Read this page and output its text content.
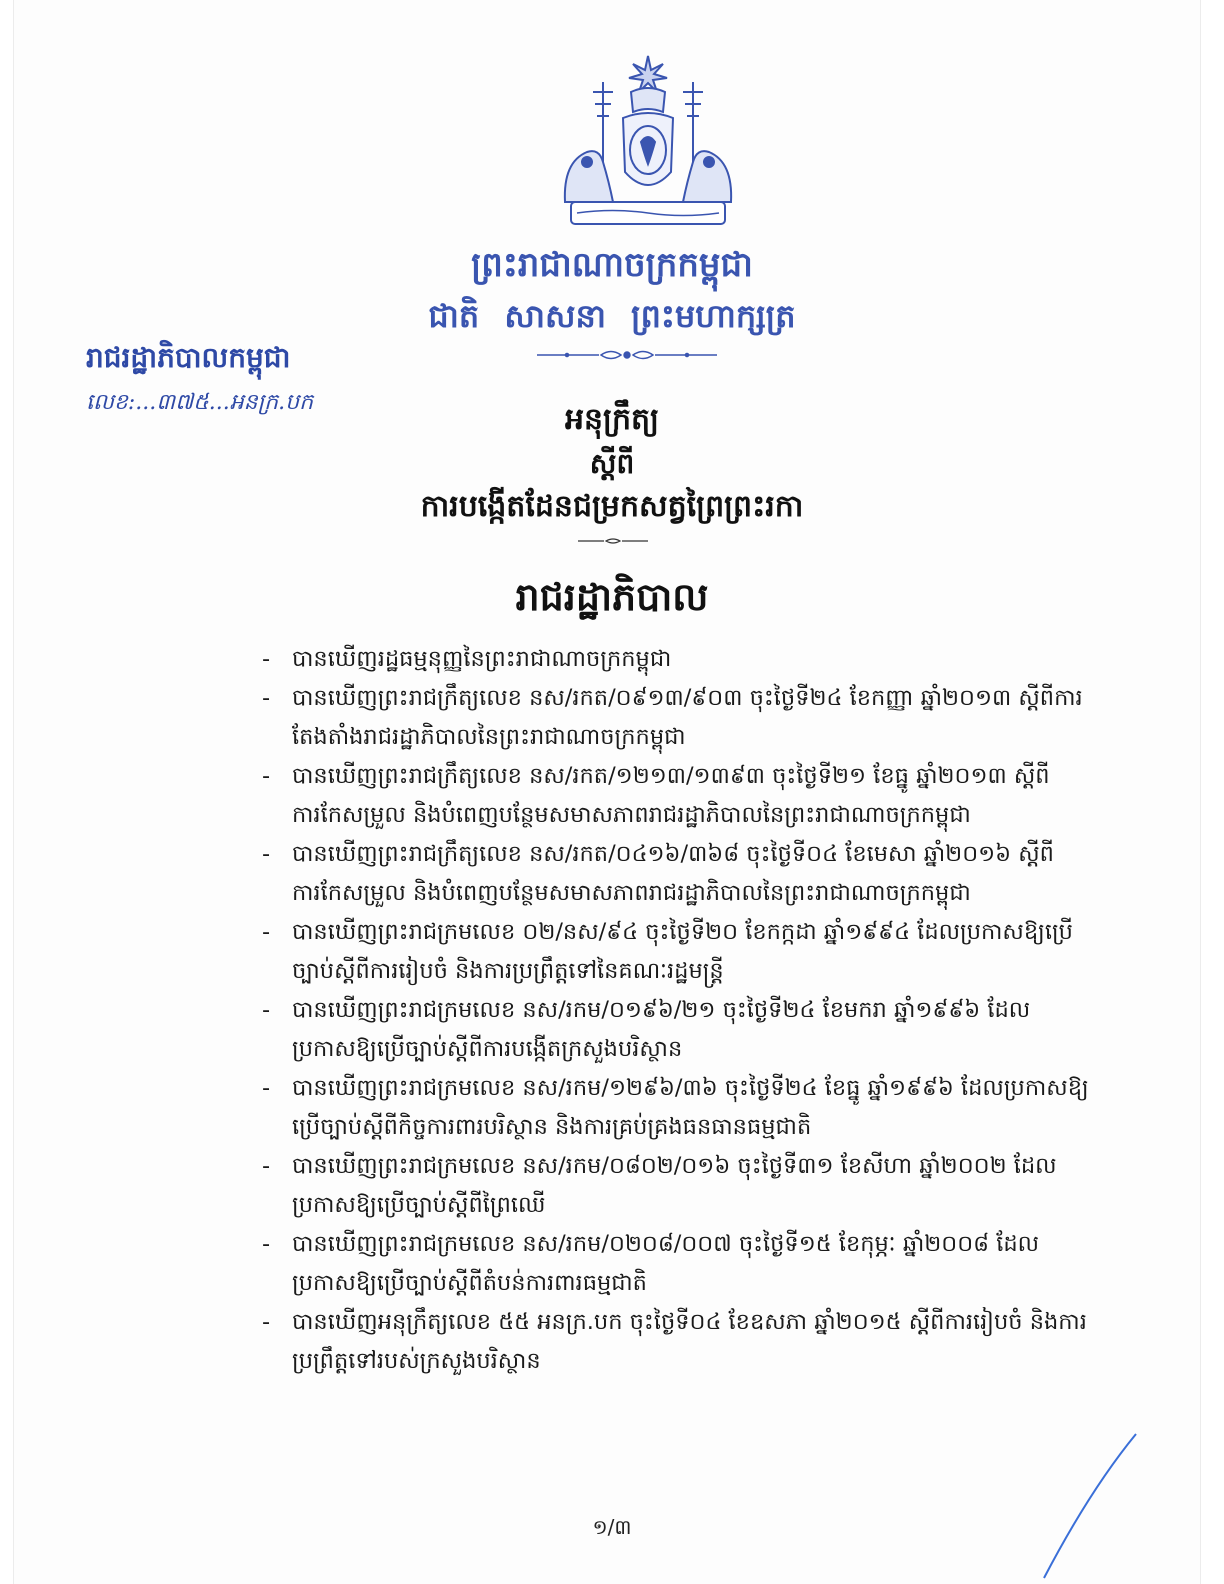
ព្រះរាជាណាចក្រកម្ពុជា
ជាតិ សាសនា ព្រះមហាក្សត្រ
រាជរដ្ឋាភិបាលកម្ពុជា
លេខ:...៣៧៥...អនក្រ.បក	អនុក្រឹត្យ
ស្តីពី
ការបង្កើតដែនជម្រកសត្វព្រៃព្រះរកា
រាជរដ្ឋាភិបាល
- បានឃើញរដ្ឋធម្មនុញ្ញនៃព្រះរាជាណាចក្រកម្ពុជា
- បានឃើញព្រះរាជក្រឹត្យលេខ នស/រកត/០៩១៣/៩០៣ ចុះថ្ងៃទី២៤ ខែកញ្ញា ឆ្នាំ២០១៣ ស្តីពីការតែងតាំងរាជរដ្ឋាភិបាលនៃព្រះរាជាណាចក្រកម្ពុជា
- បានឃើញព្រះរាជក្រឹត្យលេខ នស/រកត/១២១៣/១៣៩៣ ចុះថ្ងៃទី២១ ខែធ្នូ ឆ្នាំ២០១៣ ស្តីពីការកែសម្រួល និងបំពេញបន្ថែមសមាសភាពរាជរដ្ឋាភិបាលនៃព្រះរាជាណាចក្រកម្ពុជា
- បានឃើញព្រះរាជក្រឹត្យលេខ នស/រកត/០៤១៦/៣៦៨ ចុះថ្ងៃទី០៤ ខែមេសា ឆ្នាំ២០១៦ ស្តីពីការកែសម្រួល និងបំពេញបន្ថែមសមាសភាពរាជរដ្ឋាភិបាលនៃព្រះរាជាណាចក្រកម្ពុជា
- បានឃើញព្រះរាជក្រមលេខ ០២/នស/៩៤ ចុះថ្ងៃទី២០ ខែកក្កដា ឆ្នាំ១៩៩៤ ដែលប្រកាសឱ្យប្រើច្បាប់ស្តីពីការរៀបចំ និងការប្រព្រឹត្តទៅនៃគណៈរដ្ឋមន្ត្រី
- បានឃើញព្រះរាជក្រមលេខ នស/រកម/០១៩៦/២១ ចុះថ្ងៃទី២៤ ខែមករា ឆ្នាំ១៩៩៦ ដែលប្រកាសឱ្យប្រើច្បាប់ស្តីពីការបង្កើតក្រសួងបរិស្ថាន
- បានឃើញព្រះរាជក្រមលេខ នស/រកម/១២៩៦/៣៦ ចុះថ្ងៃទី២៤ ខែធ្នូ ឆ្នាំ១៩៩៦ ដែលប្រកាសឱ្យប្រើច្បាប់ស្តីពីកិច្ចការពារបរិស្ថាន និងការគ្រប់គ្រងធនធានធម្មជាតិ
- បានឃើញព្រះរាជក្រមលេខ នស/រកម/០៨០២/០១៦ ចុះថ្ងៃទី៣១ ខែសីហា ឆ្នាំ២០០២ ដែលប្រកាសឱ្យប្រើច្បាប់ស្តីពីព្រៃឈើ
- បានឃើញព្រះរាជក្រមលេខ នស/រកម/០២០៨/០០៧ ចុះថ្ងៃទី១៥ ខែកុម្ភៈ ឆ្នាំ២០០៨ ដែលប្រកាសឱ្យប្រើច្បាប់ស្តីពីតំបន់ការពារធម្មជាតិ
- បានឃើញអនុក្រឹត្យលេខ ៥៥ អនក្រ.បក ចុះថ្ងៃទី០៤ ខែឧសភា ឆ្នាំ២០១៥ ស្តីពីការរៀបចំ និងការប្រព្រឹត្តទៅរបស់ក្រសួងបរិស្ថាន
១/៣
